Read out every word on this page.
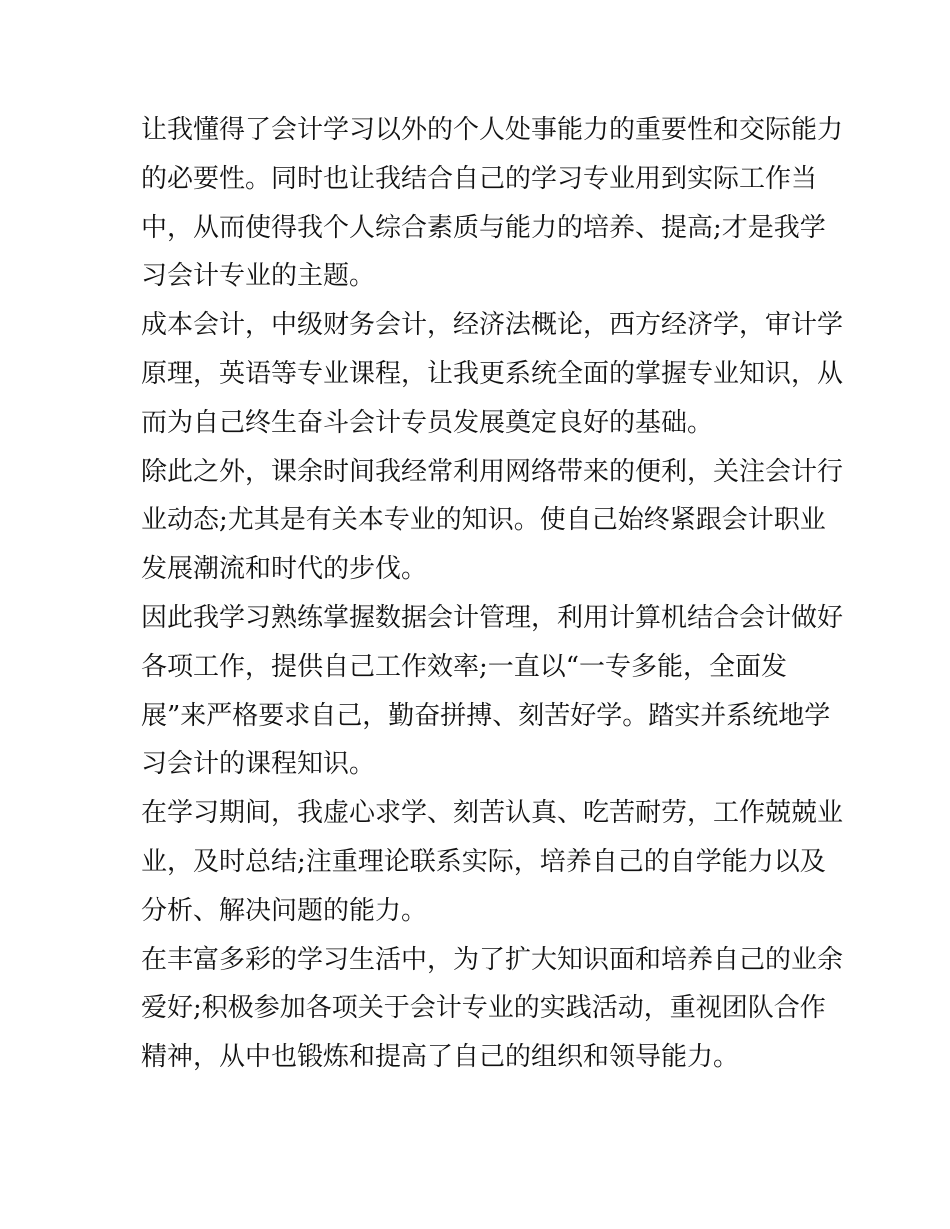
让我懂得了会计学习以外的个人处事能力的重要性和交际能力
的必要性。同时也让我结合自己的学习专业用到实际工作当
中，从而使得我个人综合素质与能力的培养、提高;才是我学
习会计专业的主题。
成本会计，中级财务会计，经济法概论，西方经济学，审计学
原理，英语等专业课程，让我更系统全面的掌握专业知识，从
而为自己终生奋斗会计专员发展奠定良好的基础。
除此之外，课余时间我经常利用网络带来的便利，关注会计行
业动态;尤其是有关本专业的知识。使自己始终紧跟会计职业
发展潮流和时代的步伐。
因此我学习熟练掌握数据会计管理，利用计算机结合会计做好
各项工作，提供自己工作效率;一直以“一专多能，全面发
展”来严格要求自己，勤奋拼搏、刻苦好学。踏实并系统地学
习会计的课程知识。
在学习期间，我虚心求学、刻苦认真、吃苦耐劳，工作兢兢业
业，及时总结;注重理论联系实际，培养自己的自学能力以及
分析、解决问题的能力。
在丰富多彩的学习生活中，为了扩大知识面和培养自己的业余
爱好;积极参加各项关于会计专业的实践活动，重视团队合作
精神，从中也锻炼和提高了自己的组织和领导能力。
